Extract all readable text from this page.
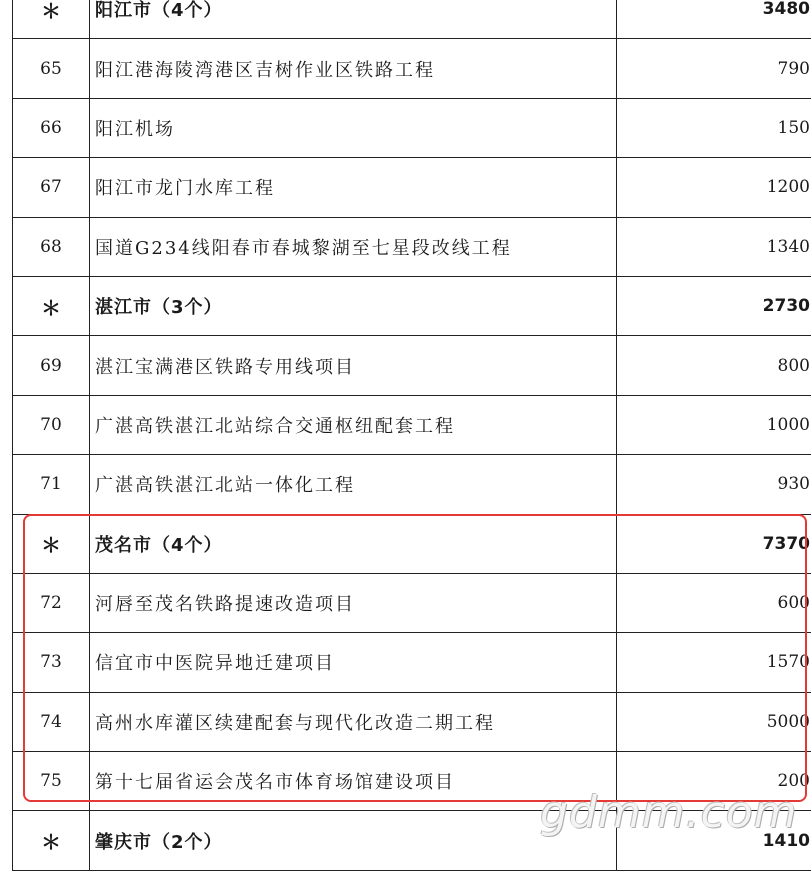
＊	阳江市（4个）	3480
65	阳江港海陵湾港区吉树作业区铁路工程	790
66	阳江机场	150
67	阳江市龙门水库工程	1200
68	国道G234线阳春市春城黎湖至七星段改线工程	1340
＊	湛江市（3个）	2730
69	湛江宝满港区铁路专用线项目	800
70	广湛高铁湛江北站综合交通枢纽配套工程	1000
71	广湛高铁湛江北站一体化工程	930
＊	茂名市（4个）	7370
72	河唇至茂名铁路提速改造项目	600
73	信宜市中医院异地迁建项目	1570
74	高州水库灌区续建配套与现代化改造二期工程	5000
75	第十七届省运会茂名市体育场馆建设项目	200
＊	肇庆市（2个）	1410
gdmm.com
